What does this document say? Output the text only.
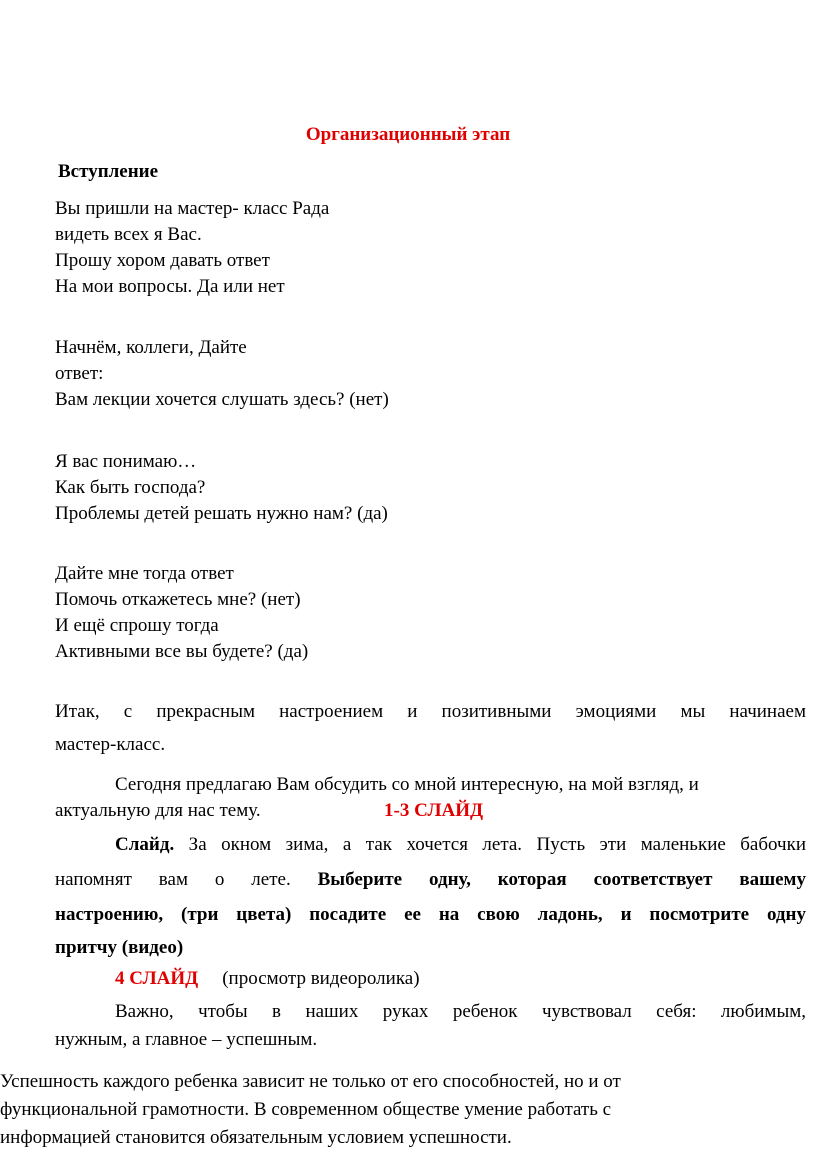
Организационный этап
Вступление
Вы пришли на мастер- класс Рада
видеть всех я Вас.
Прошу хором давать ответ
На мои вопросы. Да или нет
Начнём, коллеги, Дайте
ответ:
Вам лекции хочется слушать здесь? (нет)
Я вас понимаю…
Как быть господа?
Проблемы детей решать нужно нам? (да)
Дайте мне тогда ответ
Помочь откажетесь мне? (нет)
И ещё спрошу тогда
Активными все вы будете? (да)
Итак, с прекрасным настроением и позитивными эмоциями мы начинаем
мастер-класс.
Сегодня предлагаю Вам обсудить со мной интересную, на мой взгляд, и
актуальную для нас тему.	1-3 СЛАЙД
Слайд. За окном зима, а так хочется лета. Пусть эти маленькие бабочки
напомнят вам о лете. Выберите одну, которая соответствует вашему
настроению, (три цвета) посадите ее на свою ладонь, и посмотрите одну
притчу (видео)
4 СЛАЙД (просмотр видеоролика)
Важно, чтобы в наших руках ребенок чувствовал себя: любимым,
нужным, а главное – успешным.
Успешность каждого ребенка зависит не только от его способностей, но и от
функциональной грамотности. В современном обществе умение работать с
информацией становится обязательным условием успешности.
